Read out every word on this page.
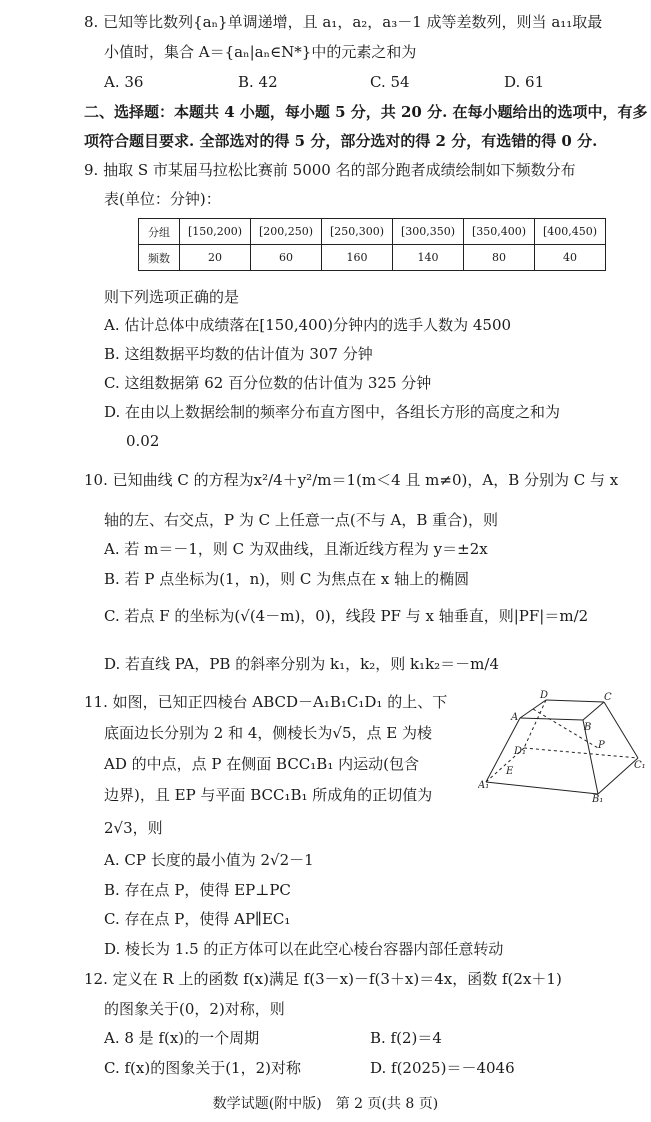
8. 已知等比数列{aₙ}单调递增，且 a₁，a₂，a₃－1 成等差数列，则当 a₁₁取最
小值时，集合 A＝{aₙ|aₙ∈N*}中的元素之和为
A. 36	B. 42	C. 54	D. 61
二、选择题：本题共 4 小题，每小题 5 分，共 20 分. 在每小题给出的选项中，有多
项符合题目要求. 全部选对的得 5 分，部分选对的得 2 分，有选错的得 0 分.
9. 抽取 S 市某届马拉松比赛前 5000 名的部分跑者成绩绘制如下频数分布
表(单位：分钟)：
分组	[150,200)	[200,250)	[250,300)	[300,350)	[350,400)	[400,450)
频数	20	60	160	140	80	40
则下列选项正确的是
A. 估计总体中成绩落在[150,400)分钟内的选手人数为 4500
B. 这组数据平均数的估计值为 307 分钟
C. 这组数据第 62 百分位数的估计值为 325 分钟
D. 在由以上数据绘制的频率分布直方图中，各组长方形的高度之和为
0.02
10. 已知曲线 C 的方程为x²/4＋y²/m＝1(m＜4 且 m≠0)，A，B 分别为 C 与 x
轴的左、右交点，P 为 C 上任意一点(不与 A，B 重合)，则
A. 若 m＝－1，则 C 为双曲线，且渐近线方程为 y＝±2x
B. 若 P 点坐标为(1，n)，则 C 为焦点在 x 轴上的椭圆
C. 若点 F 的坐标为(√(4－m)，0)，线段 PF 与 x 轴垂直，则|PF|＝m/2
D. 若直线 PA，PB 的斜率分别为 k₁，k₂，则 k₁k₂＝－m/4
11. 如图，已知正四棱台 ABCD－A₁B₁C₁D₁ 的上、下
底面边长分别为 2 和 4，侧棱长为√5，点 E 为棱
AD 的中点，点 P 在侧面 BCC₁B₁ 内运动(包含
边界)，且 EP 与平面 BCC₁B₁ 所成角的正切值为
2√3，则
A. CP 长度的最小值为 2√2－1
B. 存在点 P，使得 EP⊥PC
C. 存在点 P，使得 AP∥EC₁
D. 棱长为 1.5 的正方体可以在此空心棱台容器内部任意转动
D	C
A
B
D₁
E
P
A₁
C₁
B₁
12. 定义在 R 上的函数 f(x)满足 f(3－x)－f(3＋x)＝4x，函数 f(2x＋1)
的图象关于(0，2)对称，则
A. 8 是 f(x)的一个周期	B. f(2)＝4
C. f(x)的图象关于(1，2)对称	D. f(2025)＝－4046
数学试题(附中版)　第 2 页(共 8 页)
